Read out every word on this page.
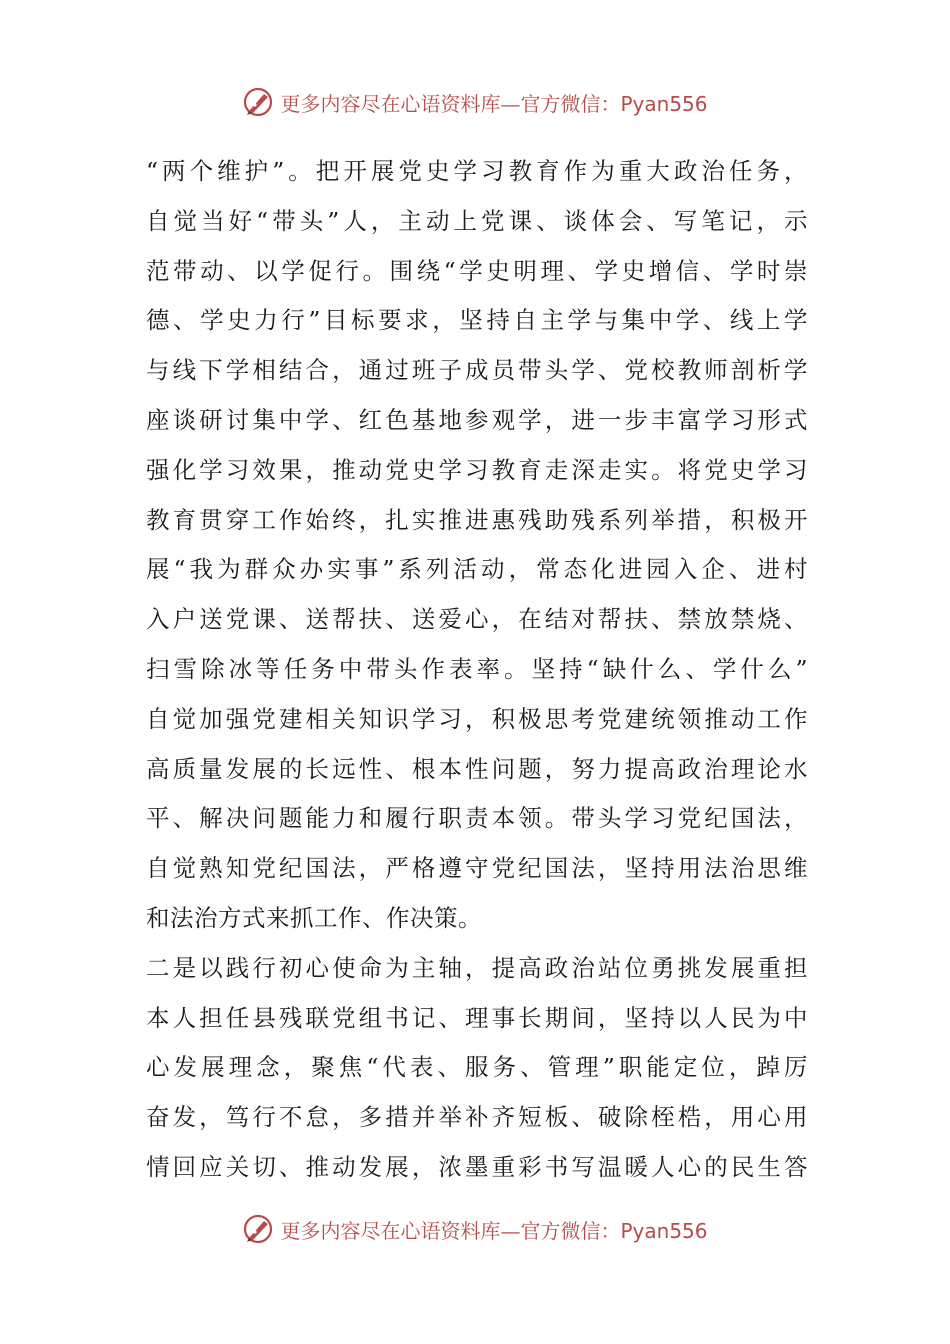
更多内容尽在心语资料库—官方微信：Pyan556
“两个维护”。把开展党史学习教育作为重大政治任务，
自觉当好“带头”人，主动上党课、谈体会、写笔记，示
范带动、以学促行。围绕“学史明理、学史增信、学时崇
德、学史力行”目标要求，坚持自主学与集中学、线上学
与线下学相结合，通过班子成员带头学、党校教师剖析学
座谈研讨集中学、红色基地参观学，进一步丰富学习形式
强化学习效果，推动党史学习教育走深走实。将党史学习
教育贯穿工作始终，扎实推进惠残助残系列举措，积极开
展“我为群众办实事”系列活动，常态化进园入企、进村
入户送党课、送帮扶、送爱心，在结对帮扶、禁放禁烧、
扫雪除冰等任务中带头作表率。坚持“缺什么、学什么”
自觉加强党建相关知识学习，积极思考党建统领推动工作
高质量发展的长远性、根本性问题，努力提高政治理论水
平、解决问题能力和履行职责本领。带头学习党纪国法，
自觉熟知党纪国法，严格遵守党纪国法，坚持用法治思维
和法治方式来抓工作、作决策。
二是以践行初心使命为主轴，提高政治站位勇挑发展重担
本人担任县残联党组书记、理事长期间，坚持以人民为中
心发展理念，聚焦“代表、服务、管理”职能定位，踔厉
奋发，笃行不怠，多措并举补齐短板、破除桎梏，用心用
情回应关切、推动发展，浓墨重彩书写温暖人心的民生答
更多内容尽在心语资料库—官方微信：Pyan556
